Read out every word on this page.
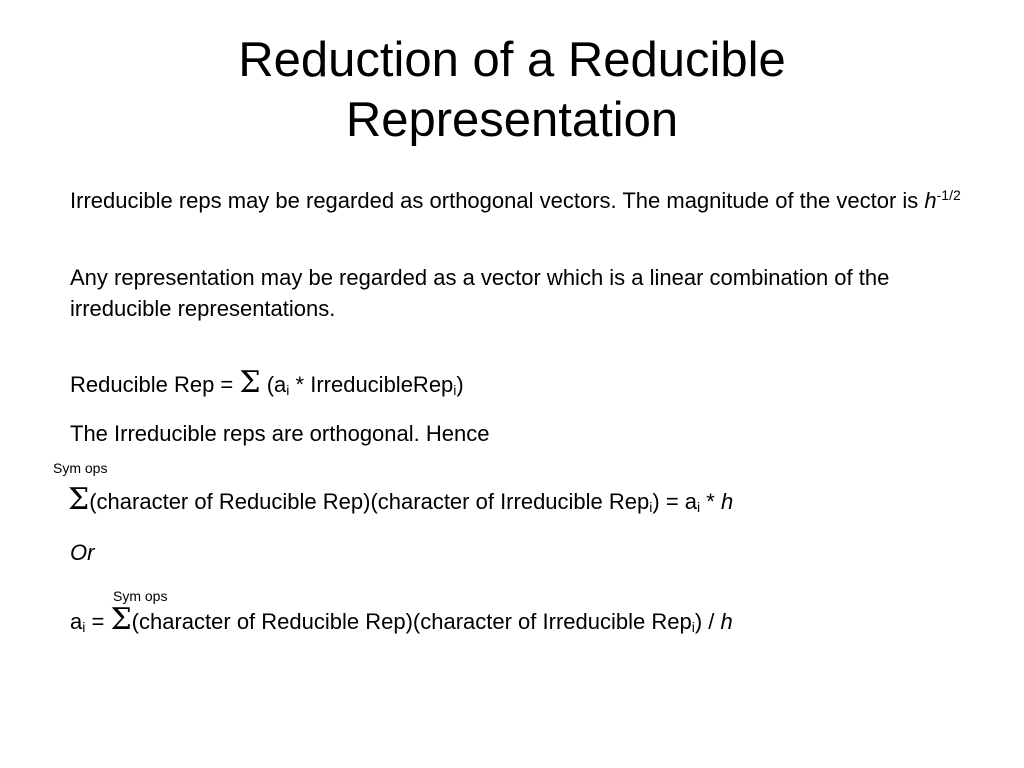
Reduction of a Reducible
Representation
Irreducible reps may be regarded as orthogonal vectors. The magnitude of the vector is $h^{-1/2}$
Any representation may be regarded as a vector which is a linear combination of the irreducible representations.
Reducible Rep = Σ ($a_i$ * IrreducibleRep$_i$)
The Irreducible reps are orthogonal. Hence
Sym ops
Σ(character of Reducible Rep)(character of Irreducible $Rep_i) = a_i * h$
Or
Sym ops
$a_i$ = Σ(character of Reducible Rep)(character of Irreducible Rep$_i$) / h
